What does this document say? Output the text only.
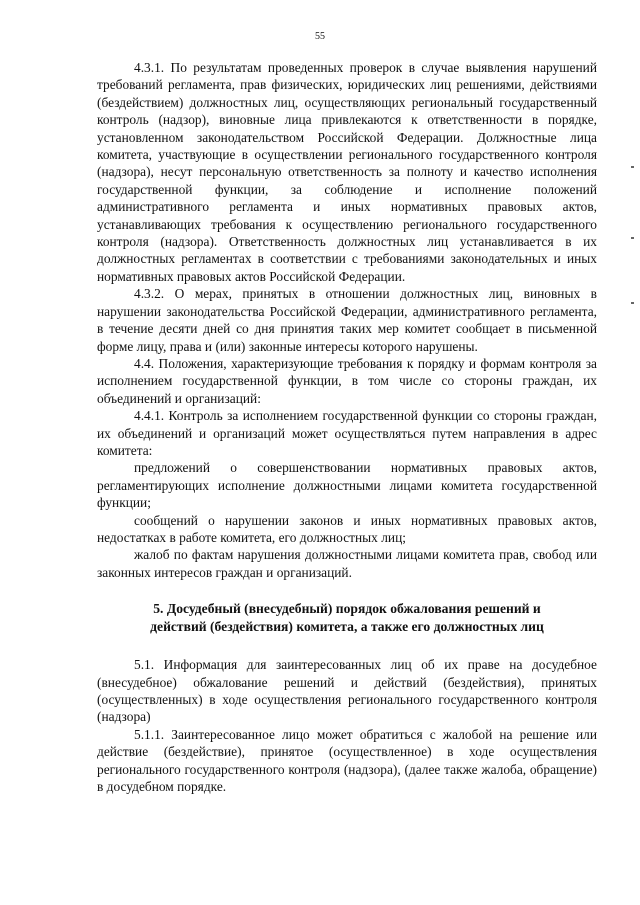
55

4.3.1. По результатам проведенных проверок в случае выявления нарушений требований регламента, прав физических, юридических лиц решениями, действиями (бездействием) должностных лиц, осуществляющих региональный государственный контроль (надзор), виновные лица привлекаются к ответственности в порядке, установленном законодательством Российской Федерации. Должностные лица комитета, участвующие в осуществлении регионального государственного контроля (надзора), несут персональную ответственность за полноту и качество исполнения государственной функции, за соблюдение и исполнение положений административного регламента и иных нормативных правовых актов, устанавливающих требования к осуществлению регионального государственного контроля (надзора). Ответственность должностных лиц устанавливается в их должностных регламентах в соответствии с требованиями законодательных и иных нормативных правовых актов Российской Федерации.

4.3.2. О мерах, принятых в отношении должностных лиц, виновных в нарушении законодательства Российской Федерации, административного регламента, в течение десяти дней со дня принятия таких мер комитет сообщает в письменной форме лицу, права и (или) законные интересы которого нарушены.

4.4. Положения, характеризующие требования к порядку и формам контроля за исполнением государственной функции, в том числе со стороны граждан, их объединений и организаций:

4.4.1. Контроль за исполнением государственной функции со стороны граждан, их объединений и организаций может осуществляться путем направления в адрес комитета:

предложений о совершенствовании нормативных правовых актов, регламентирующих исполнение должностными лицами комитета государственной функции;

сообщений о нарушении законов и иных нормативных правовых актов, недостатках в работе комитета, его должностных лиц;

жалоб по фактам нарушения должностными лицами комитета прав, свобод или законных интересов граждан и организаций.

5. Досудебный (внесудебный) порядок обжалования решений и
действий (бездействия) комитета, а также его должностных лиц

5.1. Информация для заинтересованных лиц об их праве на досудебное (внесудебное) обжалование решений и действий (бездействия), принятых (осуществленных) в ходе осуществления регионального государственного контроля (надзора)

5.1.1. Заинтересованное лицо может обратиться с жалобой на решение или действие (бездействие), принятое (осуществленное) в ходе осуществления регионального государственного контроля (надзора), (далее также жалоба, обращение) в досудебном порядке.
